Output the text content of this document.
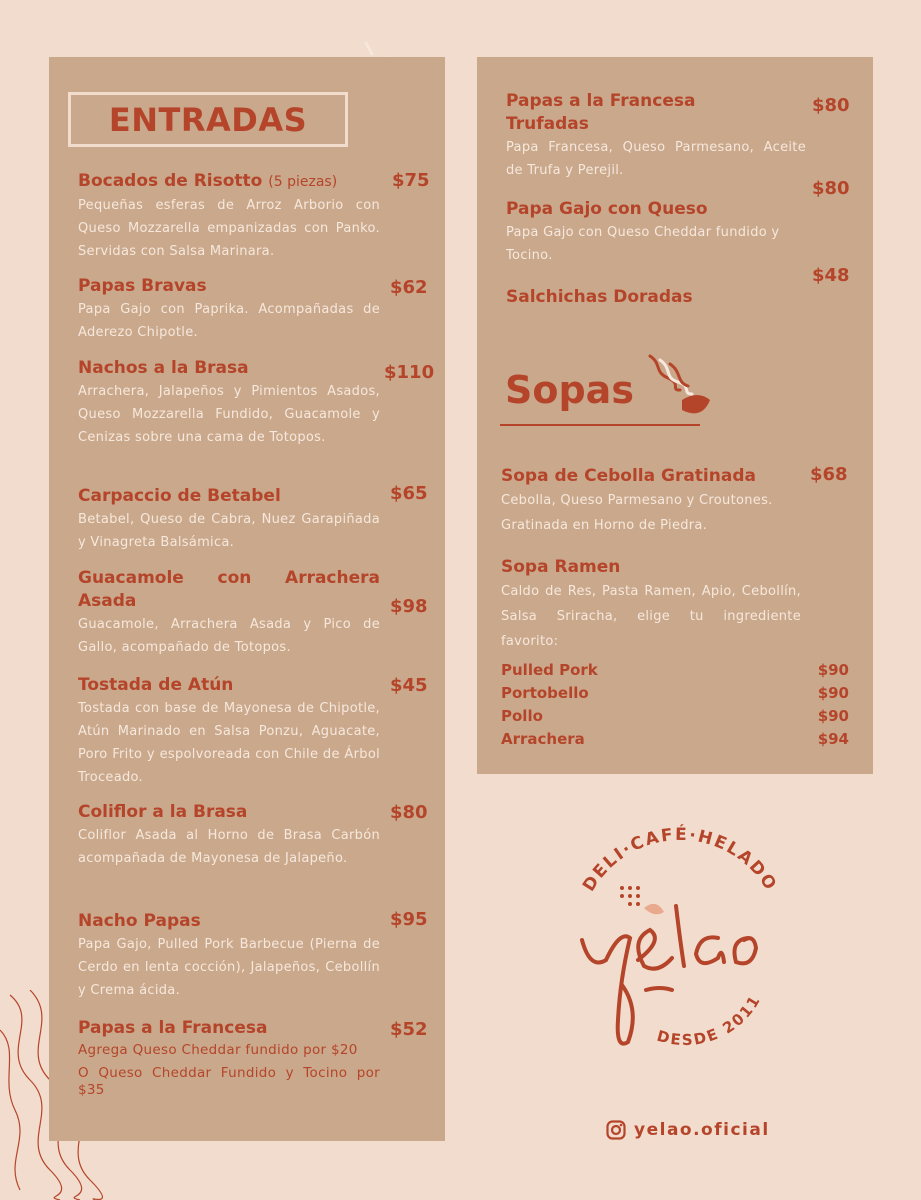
ENTRADAS
Bocados de Risotto (5 piezas)
Pequeñas esferas de Arroz Arborio con Queso Mozzarella empanizadas con Panko. Servidas con Salsa Marinara.
$75
Papas Bravas
Papa Gajo con Paprika. Acompañadas de Aderezo Chipotle.
$62
Nachos a la Brasa
Arrachera, Jalapeños y Pimientos Asados, Queso Mozzarella Fundido, Guacamole y Cenizas sobre una cama de Totopos.
$110
Carpaccio de Betabel
Betabel, Queso de Cabra, Nuez Garapiñada y Vinagreta Balsámica.
$65
Guacamole con Arrachera Asada
Guacamole, Arrachera Asada y Pico de Gallo, acompañado de Totopos.
$98
Tostada de Atún
Tostada con base de Mayonesa de Chipotle, Atún Marinado en Salsa Ponzu, Aguacate, Poro Frito y espolvoreada con Chile de Árbol Troceado.
$45
Coliflor a la Brasa
Coliflor Asada al Horno de Brasa Carbón acompañada de Mayonesa de Jalapeño.
$80
Nacho Papas
Papa Gajo, Pulled Pork Barbecue (Pierna de Cerdo en lenta cocción), Jalapeños, Cebollín y Crema ácida.
$95
Papas a la Francesa
Agrega Queso Cheddar fundido por $20
O Queso Cheddar Fundido y Tocino por $35
$52
Papas a la Francesa Trufadas
Papa Francesa, Queso Parmesano, Aceite de Trufa y Perejil.
$80
$80
Papa Gajo con Queso
Papa Gajo con Queso Cheddar fundido y Tocino.
$48
Salchichas Doradas
Sopas
Sopa de Cebolla Gratinada
Cebolla, Queso Parmesano y Croutones. Gratinada en Horno de Piedra.
$68
Sopa Ramen
Caldo de Res, Pasta Ramen, Apio, Cebollín, Salsa Sriracha, elige tu ingrediente favorito:
Pulled Pork	$90
Portobello	$90
Pollo	$90
Arrachera	$94
DELI·CAFÉ·HELADO
DESDE 2011
yelao.oficial
